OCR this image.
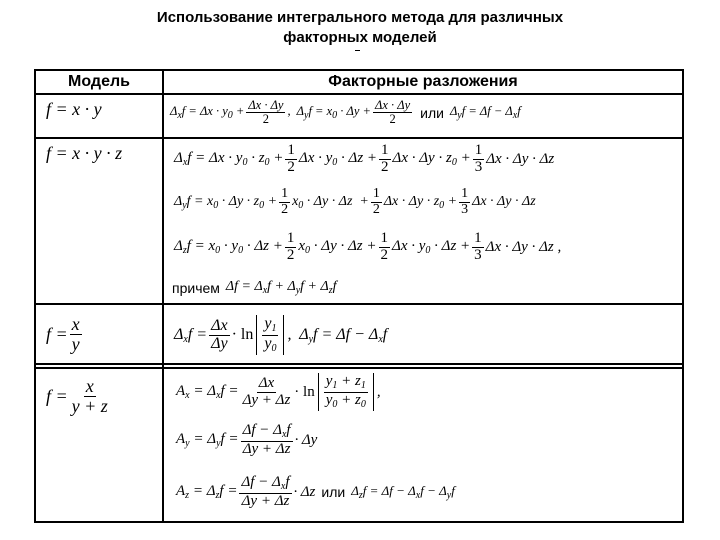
Использование интегрального метода для различных
факторных моделей
Модель	Факторные разложения
f = x · y	$\Delta_xf = \Delta x \cdot y_0 + \frac{\Delta x \cdot \Delta y}{2}$ ,  $\Delta_yf = x_0 \cdot \Delta y + \frac{\Delta x \cdot \Delta y}{2}$ или $\Delta_yf = \Delta f - \Delta_xf$
f = x · y · z	$\Delta_xf = \Delta x \cdot y_0 \cdot z_0 + \frac{1}{2}$ $\Delta x \cdot y_0 \cdot \Delta z + \frac{1}{2}$ $\Delta x \cdot \Delta y \cdot z_0 + \frac{1}{3}$ Δx · Δy · Δz
$\Delta_yf = x_0 \cdot \Delta y \cdot z_0 + \frac{1}{2} x_0 \cdot \Delta y \cdot \Delta z + \frac{1}{2}$ $\Delta x \cdot \Delta y \cdot z_0 + \frac{1}{3}$ Δx · Δy · Δz
$\Delta_zf = x_0 \cdot y_0 \cdot \Delta z + \frac{1}{2} x_0 \cdot \Delta y \cdot \Delta z + \frac{1}{2}$ $\Delta x \cdot y_0 \cdot \Delta z + \frac{1}{3}$ Δx · Δy · Δz ,
причем $\Delta f = \Delta_xf + \Delta_yf + \Delta_zf$
$f = \frac{x}{y}$	$\Delta_xf = \frac{\Delta x}{\Delta y} \cdot \ln \frac{y_1}{y_0}$ ,  $\Delta_yf = \Delta f - \Delta_xf$
$f = \frac{x}{y + z}$	$A_x = \Delta_xf = \frac{\Delta x}{\Delta y + \Delta z} \cdot \ln \frac{y_1 + z_1}{y_0 + z_0}$ ,
$A_y = \Delta_yf = \frac{\Delta f - \Delta_xf}{\Delta y + \Delta z} \cdot \Delta y$
$A_z = \Delta_zf = \frac{\Delta f - \Delta_xf}{\Delta y + \Delta z} \cdot \Delta z$ или $\Delta_zf = \Delta f - \Delta_xf - \Delta_yf$
